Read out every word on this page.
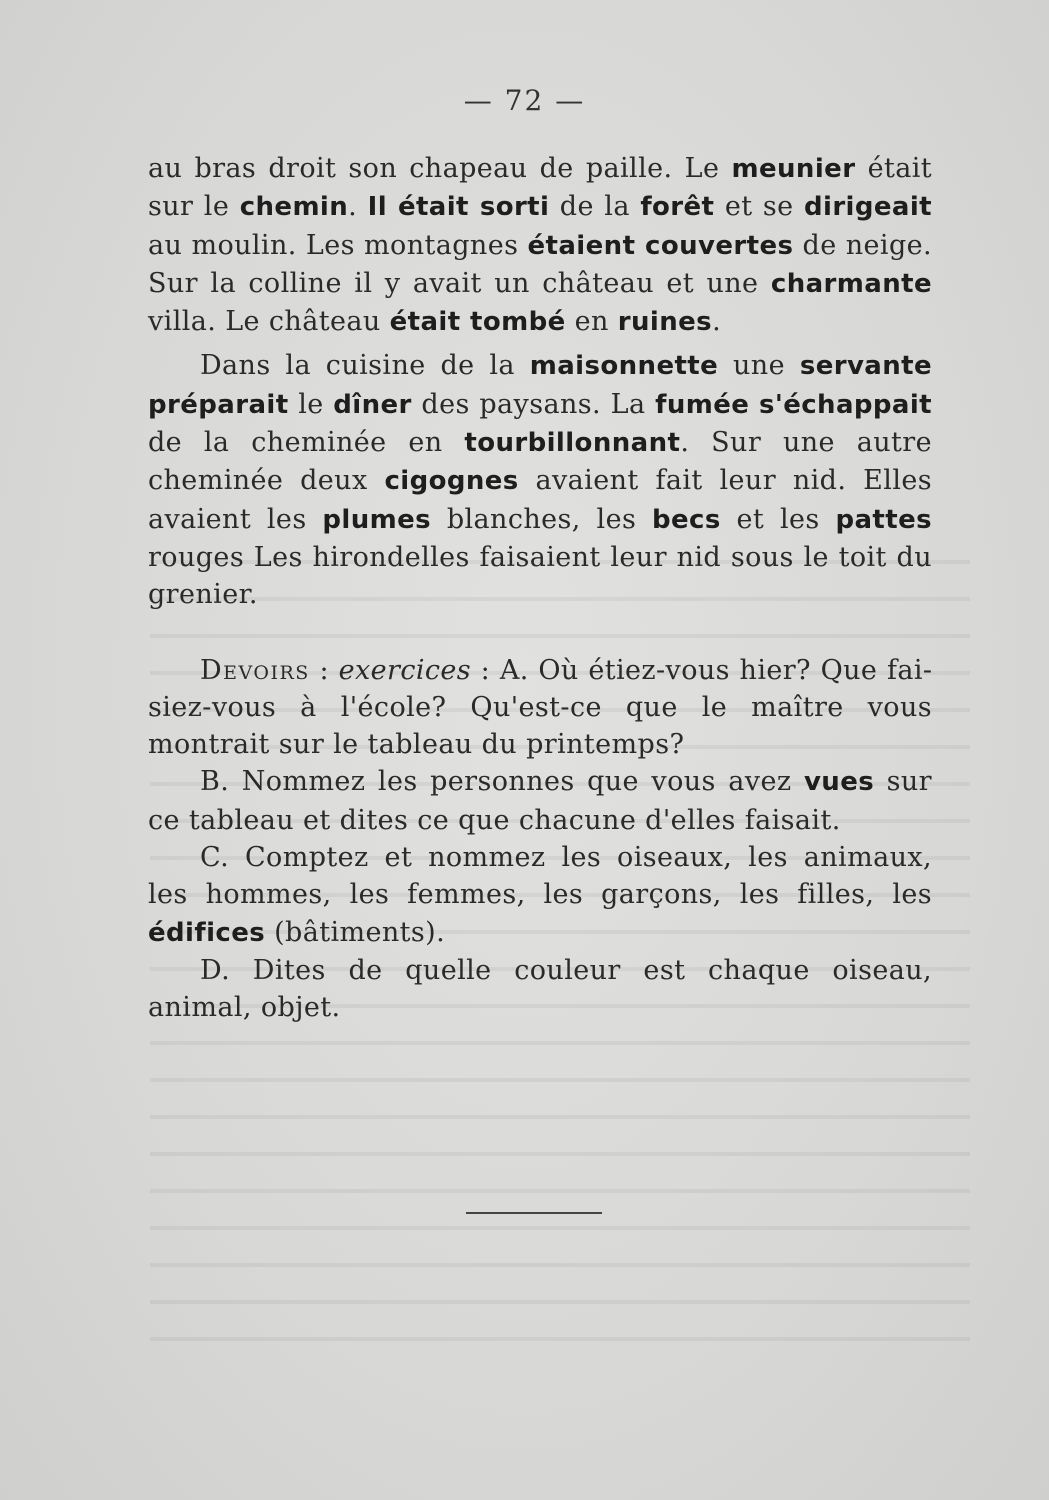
— 72 —

au bras droit son chapeau de paille. Le meunier était sur le chemin. Il était sorti de la forêt et se dirigeait au moulin. Les montagnes étaient couvertes de neige. Sur la colline il y avait un château et une charmante villa. Le château était tombé en ruines.

Dans la cuisine de la maisonnette une servante préparait le dîner des paysans. La fumée s'échappait de la cheminée en tourbillonnant. Sur une autre cheminée deux cigognes avaient fait leur nid. Elles avaient les plumes blanches, les becs et les pattes rouges Les hirondelles faisaient leur nid sous le toit du grenier.

Devoirs : exercices : A. Où étiez-vous hier? Que faisiez-vous à l'école? Qu'est-ce que le maître vous montrait sur le tableau du printemps?

B. Nommez les personnes que vous avez vues sur ce tableau et dites ce que chacune d'elles faisait.

C. Comptez et nommez les oiseaux, les animaux, les hommes, les femmes, les garçons, les filles, les édifices (bâtiments).

D. Dites de quelle couleur est chaque oiseau, animal, objet.
